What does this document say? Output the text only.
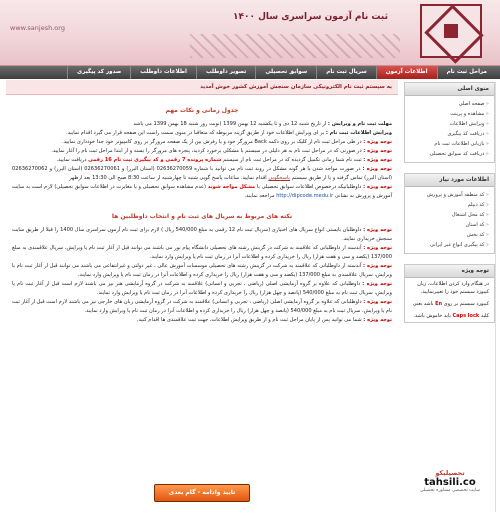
www.sanjesh.org
ثبت نام آزمون سراسری سال ۱۴۰۰
مراحل ثبت نام
اطلاعات آزمون
سریال ثبت نام
سوابق تحصیلی
تصویر داوطلب
اطلاعات داوطلب
صدور کد پیگیری
به سیستم ثبت نام الکترونیکی سازمان سنجش آموزش کشور خوش آمدید
جدول زمانی و نکات مهم
مهلت ثبت نام و ویرایش : از تاریخ شنبه 12 دی و تا یکشنبه 12 بهمن 1399 (نوبت روز شنبه 18 بهمن 1399 می باشد
ویرایش اطلاعات ثبت نام : بر ای ویرایش اطلاعات خود از طریق گزینه مربوطه که متعاقبا در منوی سمت راست این صفحه قرار می گیرد اقدام نمایید.
توجه ویژه : در طی مراحل ثبت نام از کلیک بر روی دکمه Back مرورگر خود و یا رفرش بین از یک صفحه مرورگر بر روی کامپیوتر خود جدا خودداری نمایید.
توجه ویژه : در صورتی که در مراحل ثبت نام به هر دلیلی در سیستم با مشکلی برخورد کردید، پنجره های مرورگر را بسته و از ابتدا مراحل ثبت نام را آغاز نمایید.
توجه ویژه : ثبت نام شما زمانی تکمیل گردیده که در مراحل ثبت نام از سیستم شماره پرونده 7 رقمی و کد پیگیری ثبت نام 16 رقمی دریافت نمایید.
توجه ویژه : در صورت مواجه شدن با هر گونه مشکل در روند ثبت نام می توانید با شماره 02636270059 (استان البرز) و 02636270061 (استان البرز) و 02636270062 (استان البرز) تماس گرفته و یا از طریق سیستم پاسخگویی اقدام نمایید. ساعات پاسخ گویی شنبه تا چهارشنبه از ساعت 8:30 صبح الی 13:30 بعد ازظهر
توجه ویژه : داوطلبانیکه درخصوص اطلاعات سوابق تحصیلی با مشکل مواجه شوند (عدم مشاهده سوابق تحصیلی و یا مغایرت در اطلاعات سوابق تحصیلی) لازم است به سایت آموزش و پرورش به نشانی http://dipcode.medu.ir مراجعه نمایند.
نکته های مربوط به سریال های ثبت نام و انتخاب داوطلبین ها
توجه ویژه : داوطلبان بایستی انواع سریال های اختیاری (سریال ثبت نام 12 رقمی به مبلغ 540/000 ریال ) لازم برای ثبت نام آزمون سراسری سال 1400 را قبلا از طریق سایت سنجش خریداری نمایند.
توجه ویژه : آندسته از داوطلبانی که علاقمند به شرکت در گزینش رشته های تحصیلی دانشگاه پیام نور می باشند می توانند قبل از آغاز ثبت نام یا ویرایش، سریال علاقمندی به مبلغ 137/000 (یکصد و سی و هفت هزار) ریال را خریداری کرده و اطلاعات آنرا در زمان ثبت نام یا ویرایش وارد نمایند.
توجه ویژه : آندسته از داوطلبانی که علاقمند به شرکت در گزینش رشته های تحصیلی موسسات آموزش عالی ، غیر دولتی و غیرانتفاعی می باشند می توانند قبل از آغاز ثبت نام یا ویرایش، سریال علاقمندی به مبلغ 137/000 (یکصد و سی و هفت هزار) ریال را خریداری کرده و اطلاعات آنرا در زمان ثبت نام یا ویرایش وارد نمایند.
توجه ویژه : داوطلبانی که علاوه بر گروه آزمایشی اصلی (ریاضی ، تجربی و انسانی) علاقمند به شرکت در گروه آزمایشی هنر نیز می باشند لازم است قبل از آغاز ثبت نام یا ویرایش، سریال ثبت نام به مبلغ 540/000 (پانصد و چهل هزار) ریال را خریداری کرده و اطلاعات آنرا در زمان ثبت نام یا ویرایش وارد نمایند.
توجه ویژه : داوطلبانی که علاوه بر گروه آزمایشی اصلی (ریاضی ، تجربی و انسانی) علاقمند به شرکت در گروه آزمایشی زبان های خارجی نیز می باشند لازم است قبل از آغاز ثبت نام یا ویرایش، سریال ثبت نام به مبلغ 540/000 (پانصد و چهل هزار) ریال را خریداری کرده و اطلاعات آنرا در زمان ثبت نام یا ویرایش وارد نمایند.
توجه ویژه : شما می توانید پس از پایان مراحل ثبت نام و از طریق ویرایش اطلاعات، جهت ثبت علاقمندی ها اقدام کنید.
تایید وادامه - گام بعدی
منوی اصلی
« صفحه اصلی
« مشاهده و پرینت
« ویرایش اطلاعات
« دریافت کد پیگیری
« بازیابی اطلاعات ثبت نام
« دریافت کد سوابق تحصیلی
اطلاعات مورد نیاز
« کد منطقه آموزش و پرورش
« کد دیپلم
« کد محل اشتغال
« کد استان
« کد بخش
« کد پیگیری انواع غیر ایرانی
توجه ویژه
در هنگام وارد کردن اطلاعات، زبان کیبورد سیستم خود را تغییرنمایید.
کیبورد سیستم بر روی En باشد یعنی
کلید Caps lock باید خاموش باشد.
تحصیلیکو
tahsili.co
سایت تخصصی مشاوره تحصیلی
